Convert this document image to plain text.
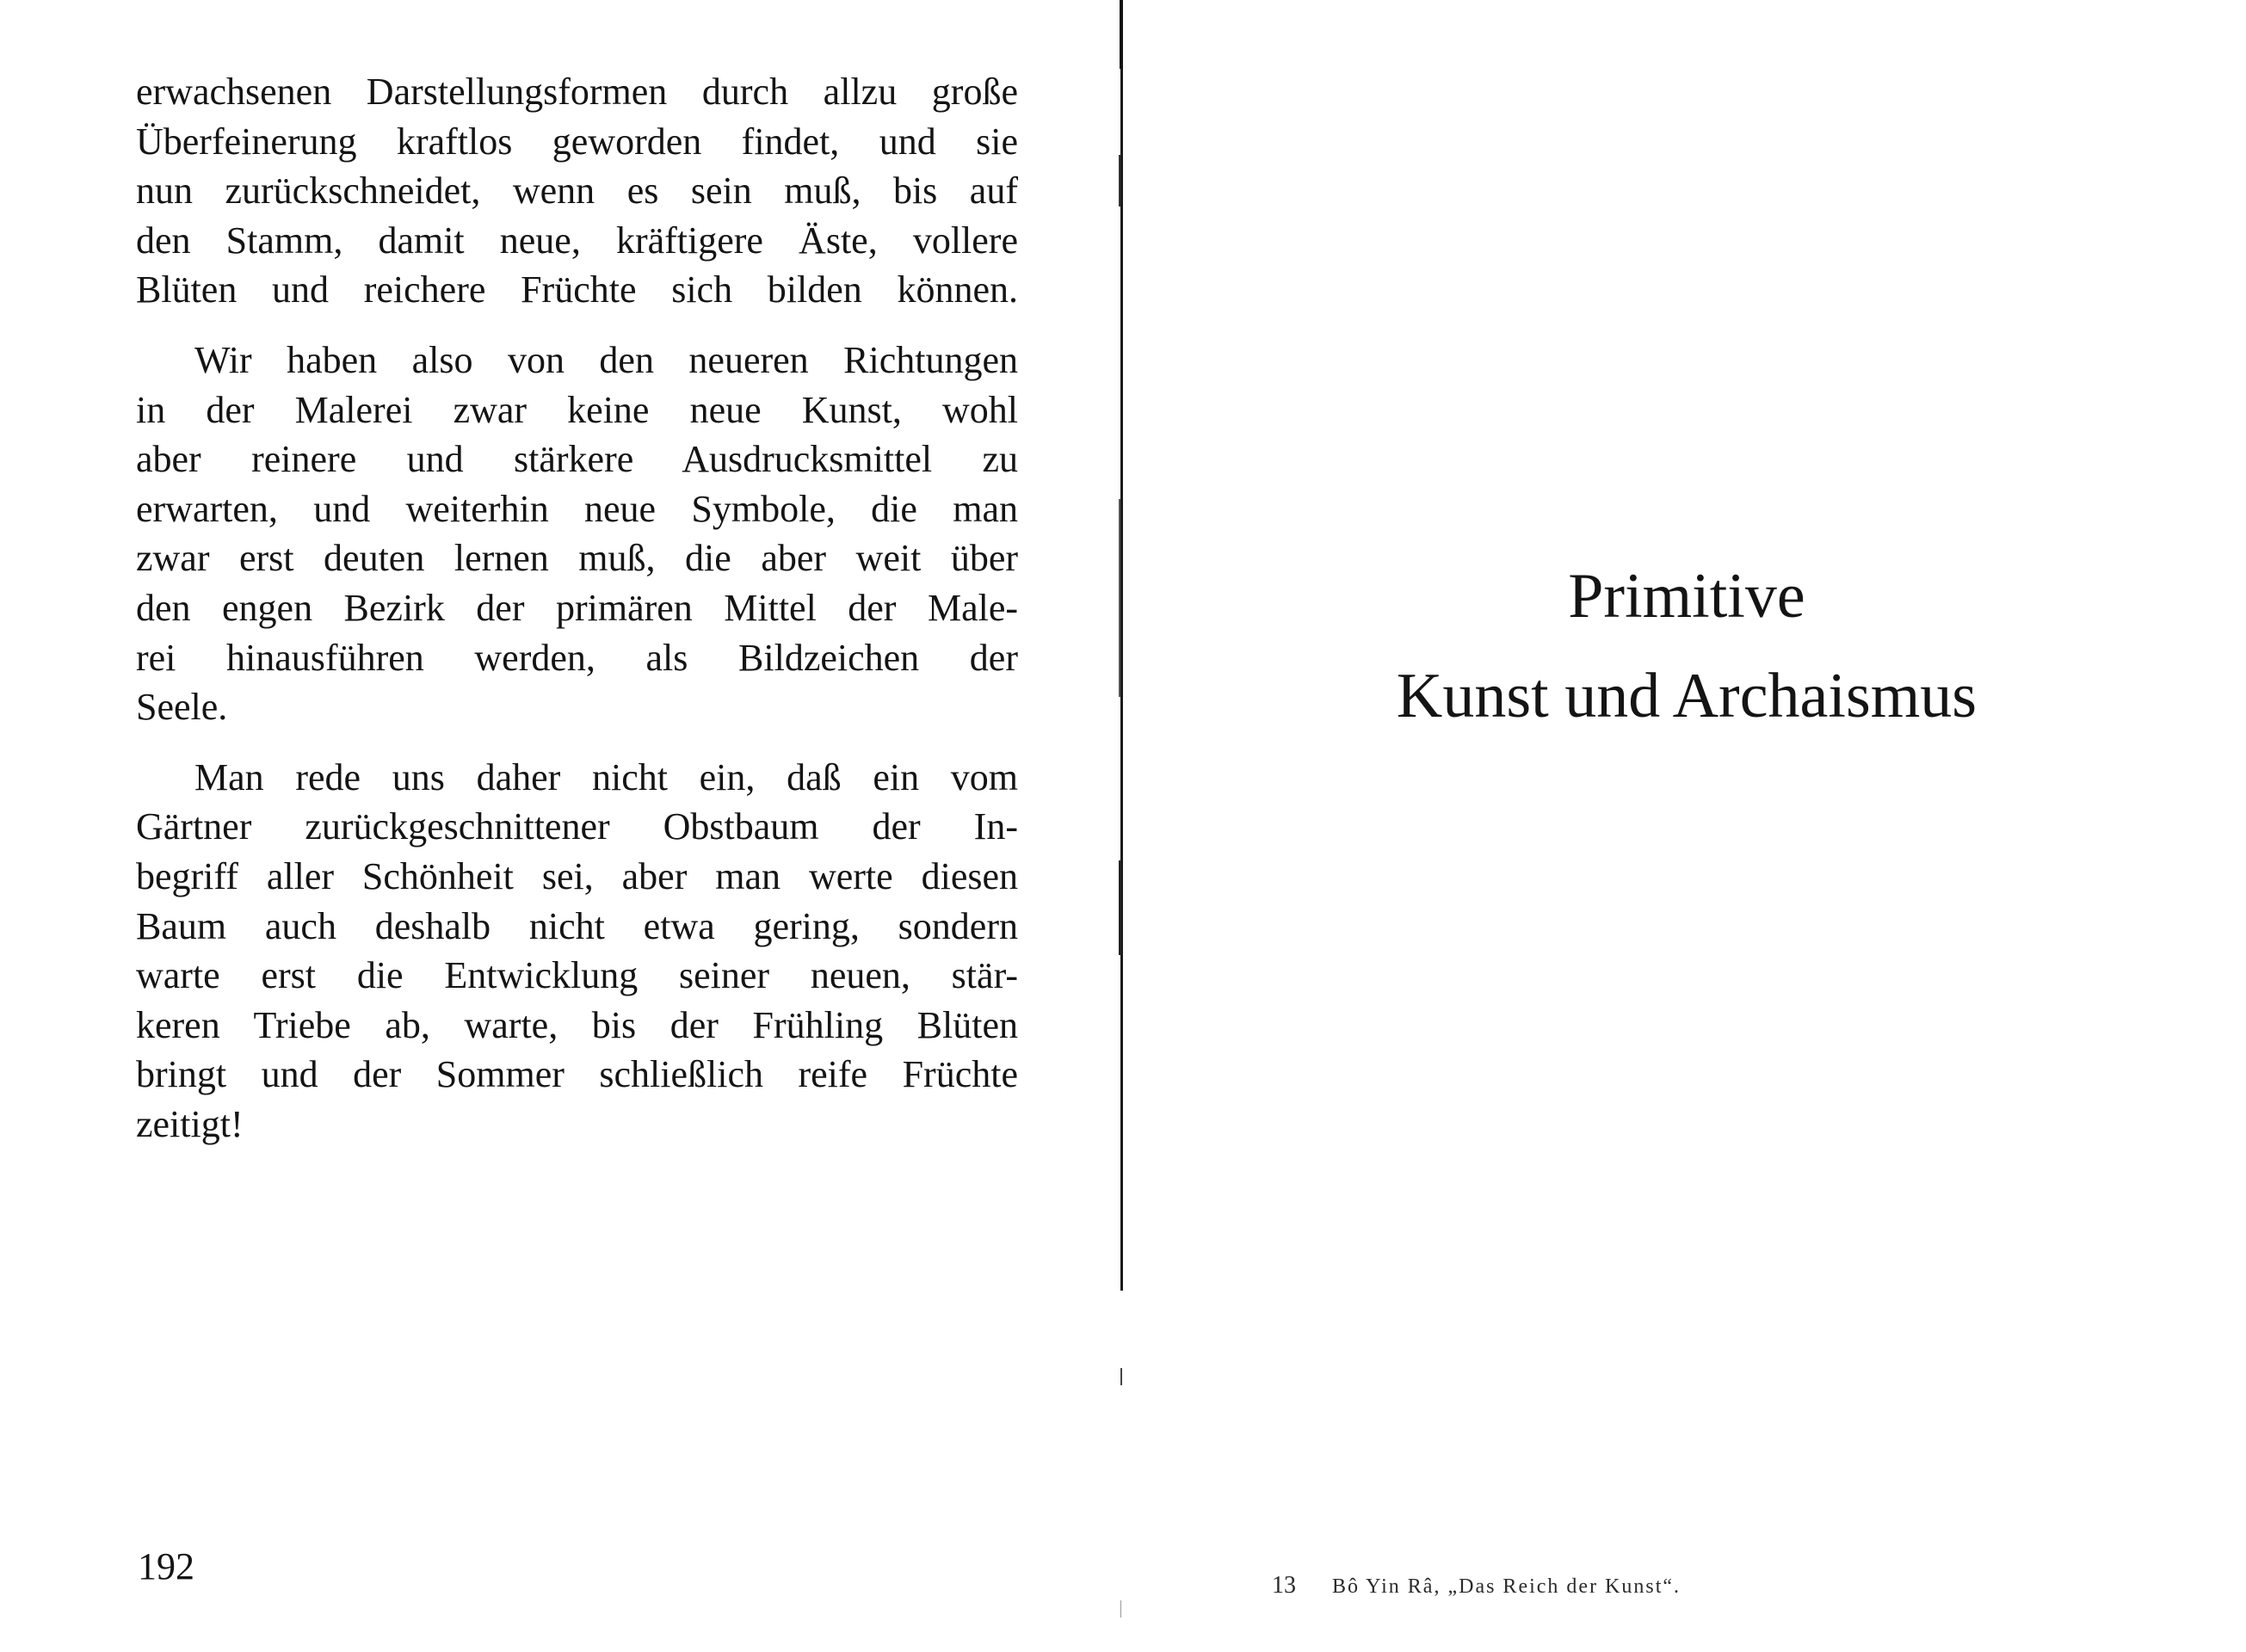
erwachsenen Darstellungsformen durch allzu große
Überfeinerung kraftlos geworden findet, und sie
nun zurückschneidet, wenn es sein muß, bis auf
den Stamm, damit neue, kräftigere Äste, vollere
Blüten und reichere Früchte sich bilden können.
Wir haben also von den neueren Richtungen
in der Malerei zwar keine neue Kunst, wohl
aber reinere und stärkere Ausdrucksmittel zu
erwarten, und weiterhin neue Symbole, die man
zwar erst deuten lernen muß, die aber weit über
den engen Bezirk der primären Mittel der Male-
rei hinausführen werden, als Bildzeichen der
Seele.
Man rede uns daher nicht ein, daß ein vom
Gärtner zurückgeschnittener Obstbaum der In-
begriff aller Schönheit sei, aber man werte diesen
Baum auch deshalb nicht etwa gering, sondern
warte erst die Entwicklung seiner neuen, stär-
keren Triebe ab, warte, bis der Frühling Blüten
bringt und der Sommer schließlich reife Früchte
zeitigt!
192
Primitive
Kunst und Archaismus
13 Bô Yin Râ, „Das Reich der Kunst“.
